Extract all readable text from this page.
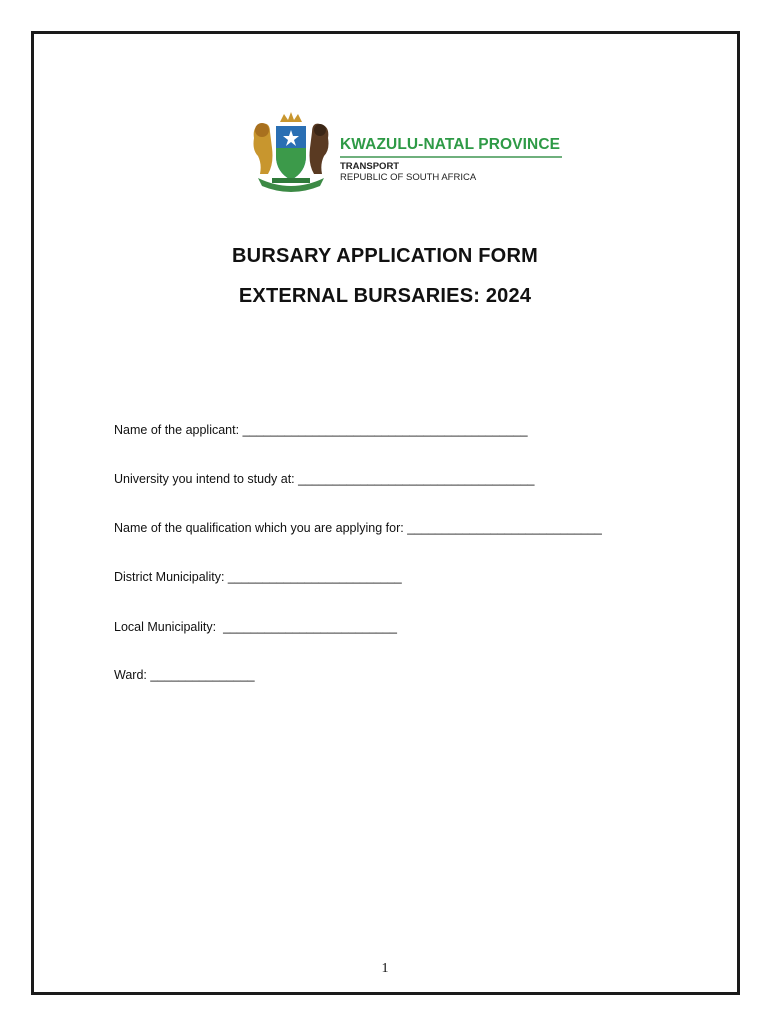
KWAZULU-NATAL PROVINCE
TRANSPORT
REPUBLIC OF SOUTH AFRICA
BURSARY APPLICATION FORM
EXTERNAL BURSARIES: 2024
Name of the applicant: _________________________________________
University you intend to study at: __________________________________
Name of the qualification which you are applying for: ____________________________
District Municipality: _________________________
Local Municipality:  _________________________
Ward: _______________
1
